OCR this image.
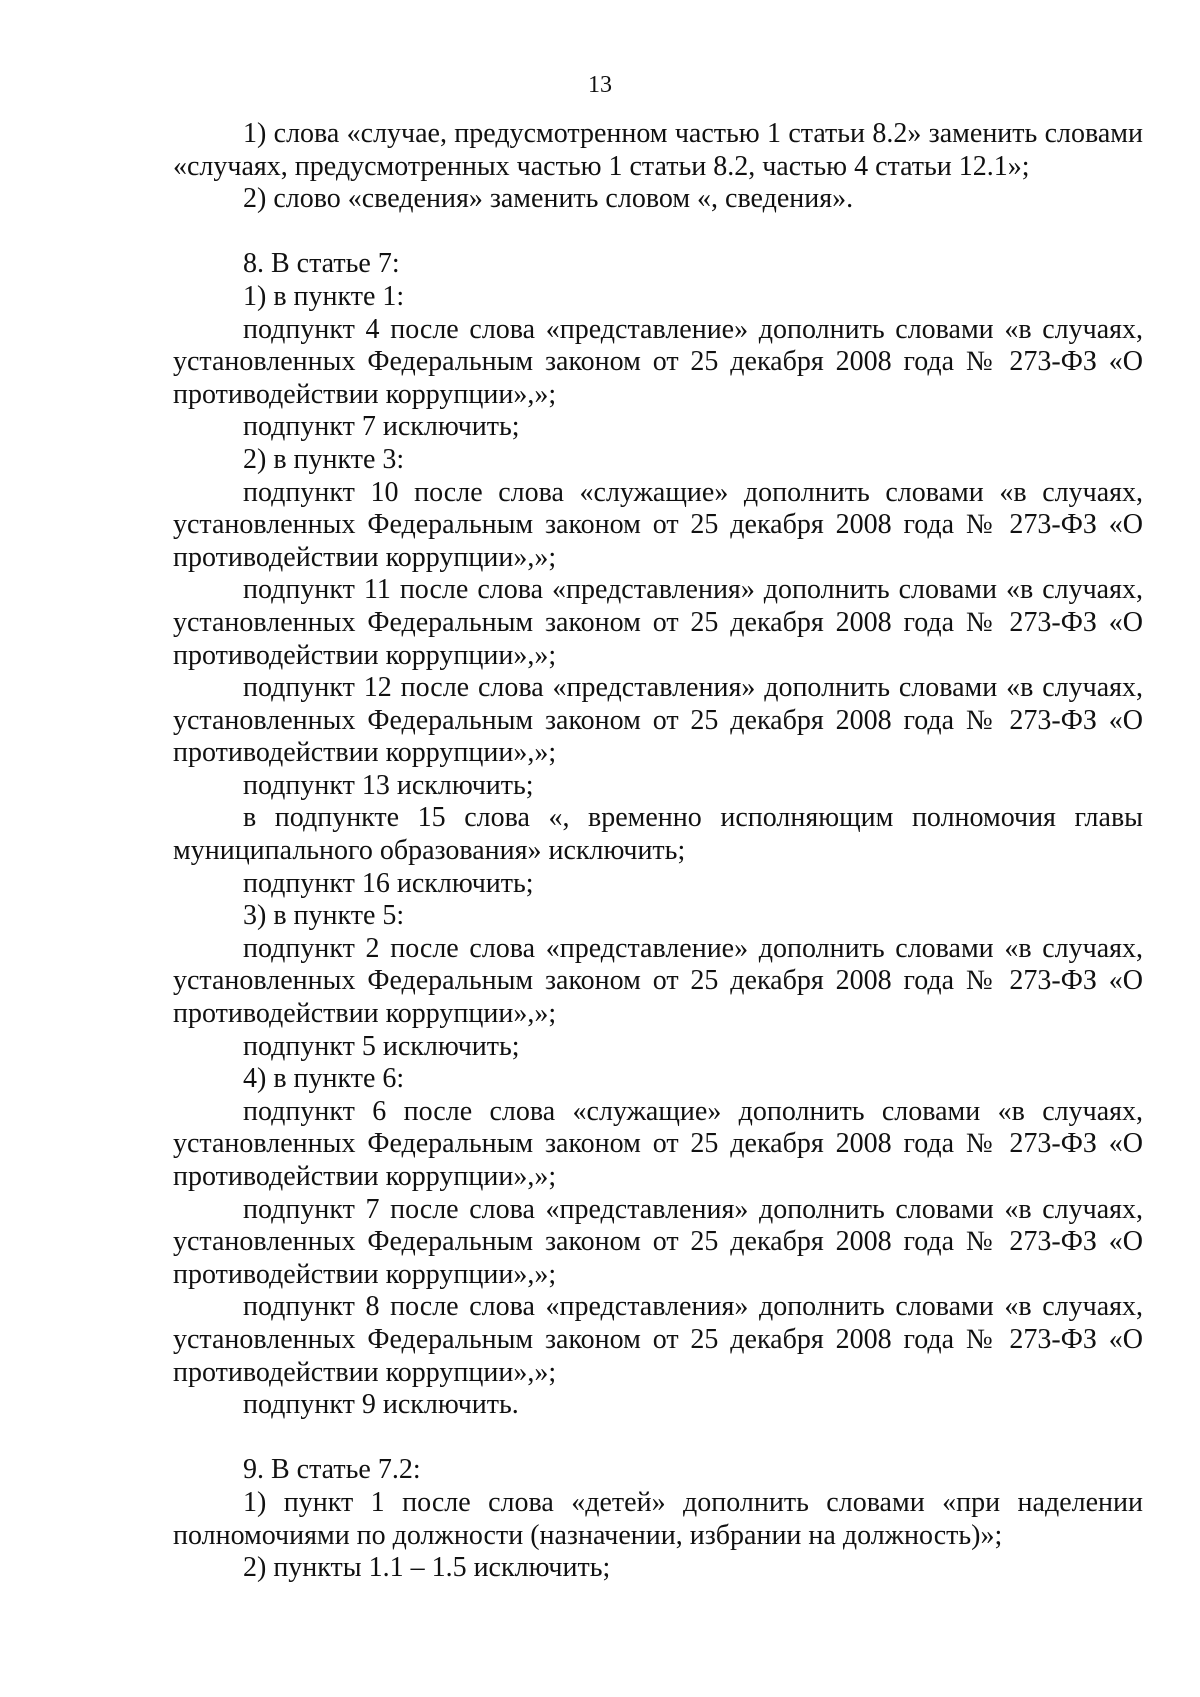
13

1) слова «случае, предусмотренном частью 1 статьи 8.2» заменить словами «случаях, предусмотренных частью 1 статьи 8.2, частью 4 статьи 12.1»;

2) слово «сведения» заменить словом «, сведения».

8. В статье 7:

1) в пункте 1:

подпункт 4 после слова «представление» дополнить словами «в случаях, установленных Федеральным законом от 25 декабря 2008 года № 273-ФЗ «О противодействии коррупции»,»;

подпункт 7 исключить;

2) в пункте 3:

подпункт 10 после слова «служащие» дополнить словами «в случаях, установленных Федеральным законом от 25 декабря 2008 года № 273-ФЗ «О противодействии коррупции»,»;

подпункт 11 после слова «представления» дополнить словами «в случаях, установленных Федеральным законом от 25 декабря 2008 года № 273-ФЗ «О противодействии коррупции»,»;

подпункт 12 после слова «представления» дополнить словами «в случаях, установленных Федеральным законом от 25 декабря 2008 года № 273-ФЗ «О противодействии коррупции»,»;

подпункт 13 исключить;

в подпункте 15 слова «, временно исполняющим полномочия главы муниципального образования» исключить;

подпункт 16 исключить;

3) в пункте 5:

подпункт 2 после слова «представление» дополнить словами «в случаях, установленных Федеральным законом от 25 декабря 2008 года № 273-ФЗ «О противодействии коррупции»,»;

подпункт 5 исключить;

4) в пункте 6:

подпункт 6 после слова «служащие» дополнить словами «в случаях, установленных Федеральным законом от 25 декабря 2008 года № 273-ФЗ «О противодействии коррупции»,»;

подпункт 7 после слова «представления» дополнить словами «в случаях, установленных Федеральным законом от 25 декабря 2008 года № 273-ФЗ «О противодействии коррупции»,»;

подпункт 8 после слова «представления» дополнить словами «в случаях, установленных Федеральным законом от 25 декабря 2008 года № 273-ФЗ «О противодействии коррупции»,»;

подпункт 9 исключить.

9. В статье 7.2:

1) пункт 1 после слова «детей» дополнить словами «при наделении полномочиями по должности (назначении, избрании на должность)»;

2) пункты 1.1 – 1.5 исключить;
